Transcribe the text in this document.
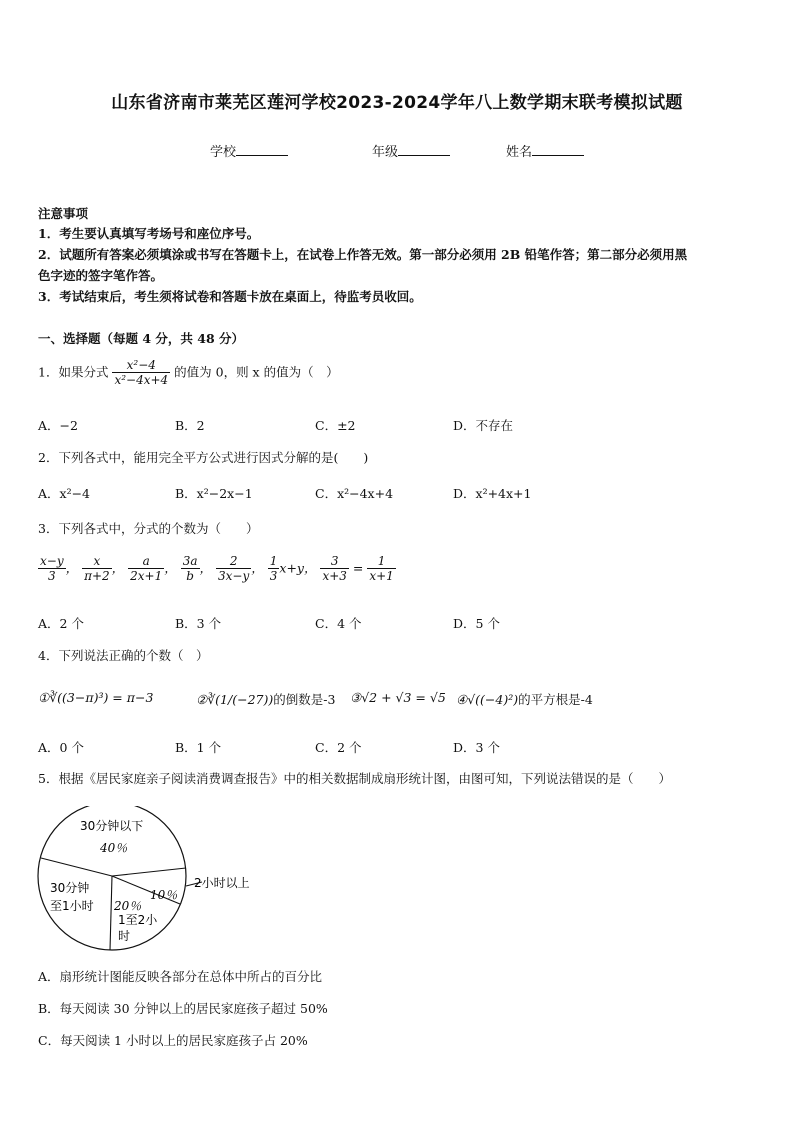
山东省济南市莱芜区莲河学校2023-2024学年八上数学期末联考模拟试题
学校	年级	姓名
注意事项
1．考生要认真填写考场号和座位序号。
2．试题所有答案必须填涂或书写在答题卡上，在试卷上作答无效。第一部分必须用 2B 铅笔作答；第二部分必须用黑
色字迹的签字笔作答。
3．考试结束后，考生须将试卷和答题卡放在桌面上，待监考员收回。
一、选择题（每题 4 分，共 48 分）
1．如果分式 $\frac{\text{x²−4}}{\text{x²−4x+4}}$ 的值为 0，则 x 的值为（　）
A．−2	B．2	C．±2	D．不存在
2．下列各式中，能用完全平方公式进行因式分解的是(　　)
A．x²−4	B．x²−2x−1	C．x²−4x+4	D．x²+4x+1
3．下列各式中，分式的个数为（　　）
$\frac{x-y}{3}$ ， $\frac{x}{\pi+2}$ ， $\frac{a}{2x+1}$ ， $\frac{3a}{b}$ ， $\frac{2}{3x-y}$ ， $\frac{1}{3} x+y$， $\frac{3}{x+3} = \frac{1}{x+1}$
A．2 个	B．3 个	C．4 个	D．5 个
4．下列说法正确的个数（　）
①∛((3−π)³) = π−3	②∛(1/(−27))的倒数是-3 ③√2 + √3 = √5 ④√((−4)²)的平方根是-4
A．0 个	B．1 个	C．2 个	D．3 个
5．根据《居民家庭亲子阅读消费调查报告》中的相关数据制成扇形统计图，由图可知，下列说法错误的是（　　）
30分钟以下
40％
30分钟
至1小时 20％
1至2小
时
10％
2小时以上
A．扇形统计图能反映各部分在总体中所占的百分比
B．每天阅读 30 分钟以上的居民家庭孩子超过 50%
C．每天阅读 1 小时以上的居民家庭孩子占 20%
